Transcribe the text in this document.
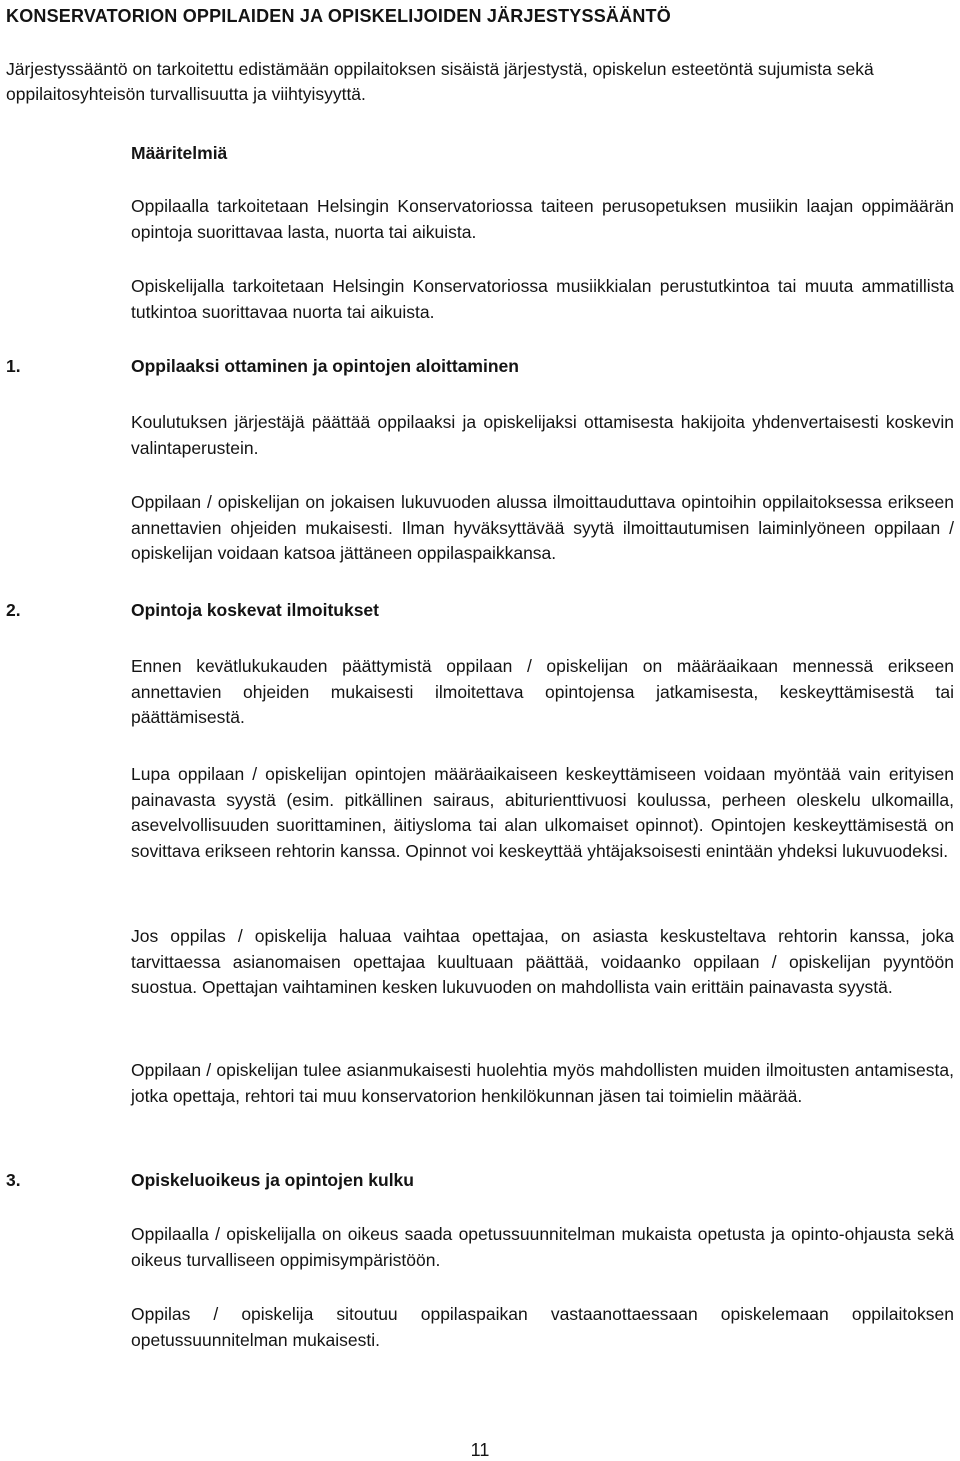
KONSERVATORION OPPILAIDEN JA OPISKELIJOIDEN JÄRJESTYSSÄÄNTÖ

Järjestyssääntö on tarkoitettu edistämään oppilaitoksen sisäistä järjestystä, opiskelun esteetöntä sujumista sekä oppilaitosyhteisön turvallisuutta ja viihtyisyyttä.

Määritelmiä

Oppilaalla tarkoitetaan Helsingin Konservatoriossa taiteen perusopetuksen musiikin laajan oppimäärän opintoja suorittavaa lasta, nuorta tai aikuista.

Opiskelijalla tarkoitetaan Helsingin Konservatoriossa musiikkialan perustutkintoa tai muuta ammatillista tutkintoa suorittavaa nuorta tai aikuista.

1.	Oppilaaksi ottaminen ja opintojen aloittaminen

Koulutuksen järjestäjä päättää oppilaaksi ja opiskelijaksi ottamisesta hakijoita yhdenvertaisesti koskevin valintaperustein.

Oppilaan / opiskelijan on jokaisen lukuvuoden alussa ilmoittauduttava opintoihin oppilaitoksessa erikseen annettavien ohjeiden mukaisesti. Ilman hyväksyttävää syytä ilmoittautumisen laiminlyöneen oppilaan / opiskelijan voidaan katsoa jättäneen oppilaspaikkansa.

2.	Opintoja koskevat ilmoitukset

Ennen kevätlukukauden päättymistä oppilaan / opiskelijan on määräaikaan mennessä erikseen annettavien ohjeiden mukaisesti ilmoitettava opintojensa jatkamisesta, keskeyttämisestä tai päättämisestä.

Lupa oppilaan / opiskelijan opintojen määräaikaiseen keskeyttämiseen voidaan myöntää vain erityisen painavasta syystä (esim. pitkällinen sairaus, abiturienttivuosi koulussa, perheen oleskelu ulkomailla, asevelvollisuuden suorittaminen, äitiysloma tai alan ulkomaiset opinnot). Opintojen keskeyttämisestä on sovittava erikseen rehtorin kanssa. Opinnot voi keskeyttää yhtäjaksoisesti enintään yhdeksi lukuvuodeksi.

Jos oppilas / opiskelija haluaa vaihtaa opettajaa, on asiasta keskusteltava rehtorin kanssa, joka tarvittaessa asianomaisen opettajaa kuultuaan päättää, voidaanko oppilaan / opiskelijan pyyntöön suostua. Opettajan vaihtaminen kesken lukuvuoden on mahdollista vain erittäin painavasta syystä.

Oppilaan / opiskelijan tulee asianmukaisesti huolehtia myös mahdollisten muiden ilmoitusten antamisesta, jotka opettaja, rehtori tai muu konservatorion henkilökunnan jäsen tai toimielin määrää.

3.	Opiskeluoikeus ja opintojen kulku

Oppilaalla / opiskelijalla on oikeus saada opetussuunnitelman mukaista opetusta ja opinto-ohjausta sekä oikeus turvalliseen oppimisympäristöön.

Oppilas / opiskelija sitoutuu oppilaspaikan vastaanottaessaan opiskelemaan oppilaitoksen opetussuunnitelman mukaisesti.

11
